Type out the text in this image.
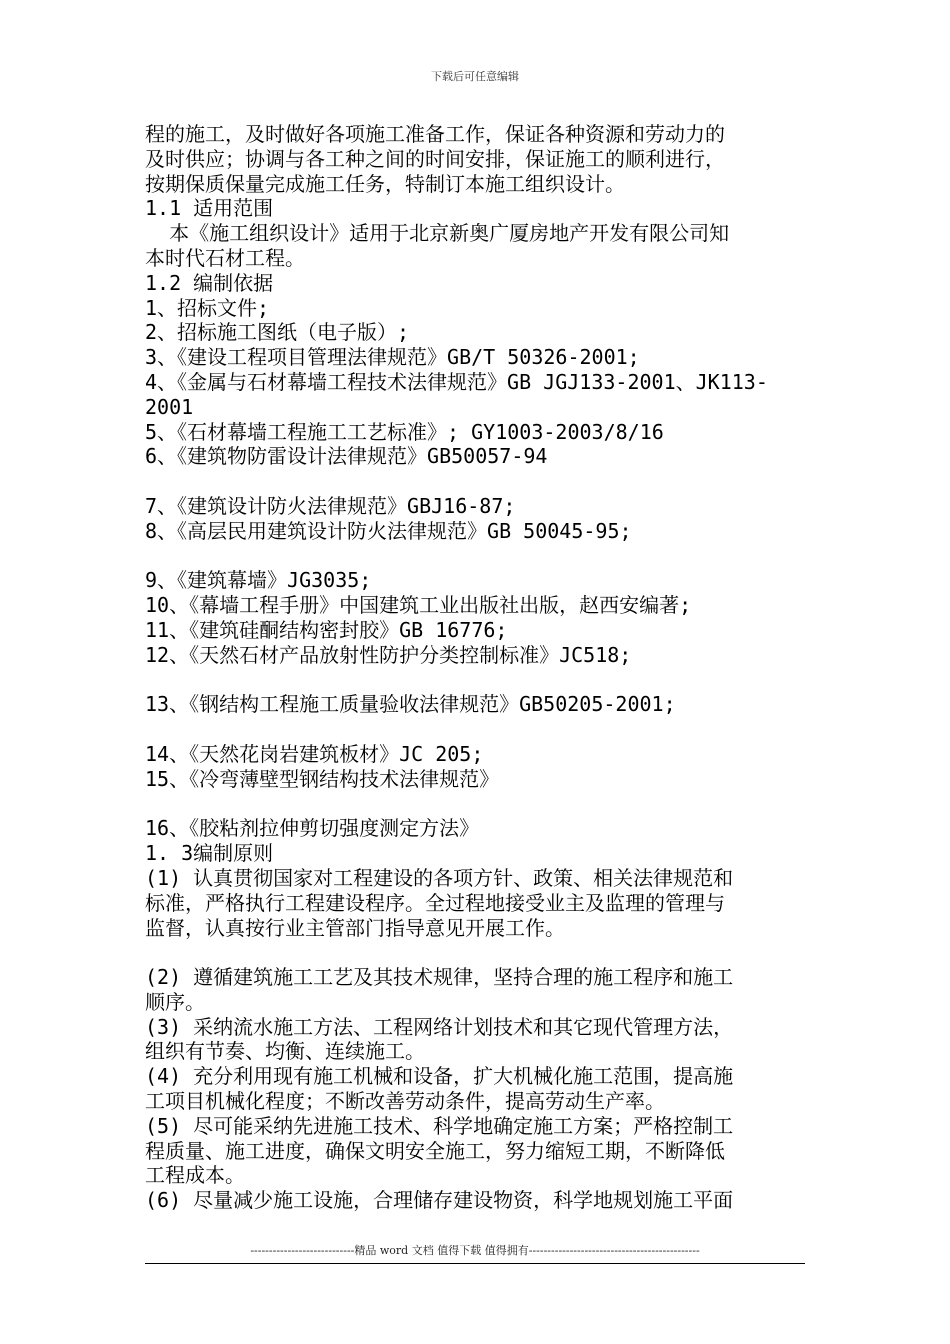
下载后可任意编辑
程的施工，及时做好各项施工准备工作，保证各种资源和劳动力的
及时供应；协调与各工种之间的时间安排，保证施工的顺利进行，
按期保质保量完成施工任务，特制订本施工组织设计。
1.1 适用范围
本《施工组织设计》适用于北京新奥广厦房地产开发有限公司知
本时代石材工程。
1.2 编制依据
1、招标文件;
2、招标施工图纸（电子版）;
3、《建设工程项目管理法律规范》GB/T 50326-2001;
4、《金属与石材幕墙工程技术法律规范》GB JGJ133-2001、JK113-
2001
5、《石材幕墙工程施工工艺标准》; GY1003-2003/8/16
6、《建筑物防雷设计法律规范》GB50057-94
7、《建筑设计防火法律规范》GBJ16-87;
8、《高层民用建筑设计防火法律规范》GB 50045-95;
9、《建筑幕墙》JG3035;
10、《幕墙工程手册》中国建筑工业出版社出版，赵西安编著;
11、《建筑硅酮结构密封胶》GB 16776;
12、《天然石材产品放射性防护分类控制标准》JC518;
13、《钢结构工程施工质量验收法律规范》GB50205-2001;
14、《天然花岗岩建筑板材》JC 205;
15、《冷弯薄壁型钢结构技术法律规范》
16、《胶粘剂拉伸剪切强度测定方法》
1. 3编制原则
(1) 认真贯彻国家对工程建设的各项方针、政策、相关法律规范和
标准，严格执行工程建设程序。全过程地接受业主及监理的管理与
监督，认真按行业主管部门指导意见开展工作。
(2) 遵循建筑施工工艺及其技术规律，坚持合理的施工程序和施工
顺序。
(3) 采纳流水施工方法、工程网络计划技术和其它现代管理方法，
组织有节奏、均衡、连续施工。
(4) 充分利用现有施工机械和设备，扩大机械化施工范围，提高施
工项目机械化程度；不断改善劳动条件，提高劳动生产率。
(5) 尽可能采纳先进施工技术、科学地确定施工方案；严格控制工
程质量、施工进度，确保文明安全施工，努力缩短工期，不断降低
工程成本。
(6) 尽量减少施工设施，合理储存建设物资，科学地规划施工平面
----------------------------精品 word 文档 值得下载 值得拥有----------------------------------------------
